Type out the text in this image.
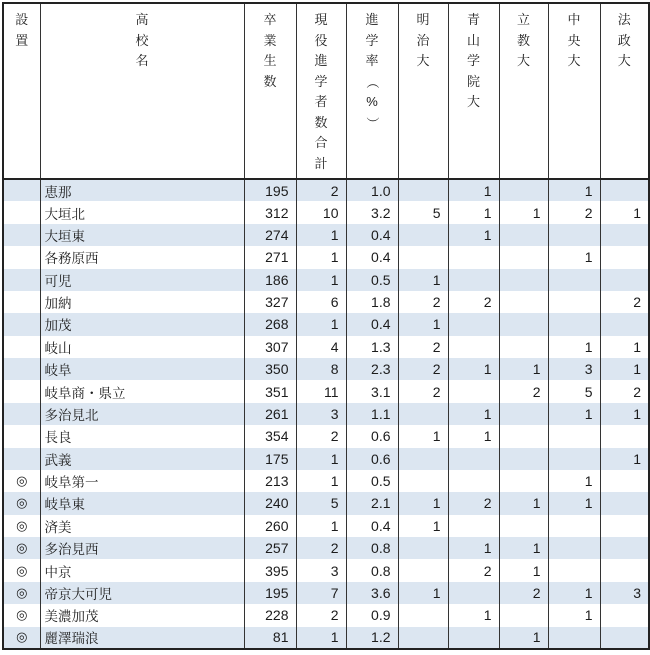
設
置

高
校
名

卒
業
生
数

現
役
進
学
者
数
合
計

進
学
率
（
%
）

明
治
大

青
山
学
院
大

立
教
大

中
央
大

法
政
大

	恵那	195	2	1.0		1		1	
	大垣北	312	10	3.2	5	1	1	2	1
	大垣東	274	1	0.4		1			
	各務原西	271	1	0.4				1	
	可児	186	1	0.5	1				
	加納	327	6	1.8	2	2			2
	加茂	268	1	0.4	1				
	岐山	307	4	1.3	2			1	1
	岐阜	350	8	2.3	2	1	1	3	1
	岐阜商・県立	351	11	3.1	2		2	5	2
	多治見北	261	3	1.1		1		1	1
	長良	354	2	0.6	1	1			
	武義	175	1	0.6					1
◎	岐阜第一	213	1	0.5				1	
◎	岐阜東	240	5	2.1	1	2	1	1	
◎	済美	260	1	0.4	1				
◎	多治見西	257	2	0.8		1	1		
◎	中京	395	3	0.8		2	1		
◎	帝京大可児	195	7	3.6	1		2	1	3
◎	美濃加茂	228	2	0.9		1		1	
◎	麗澤瑞浪	81	1	1.2			1		
